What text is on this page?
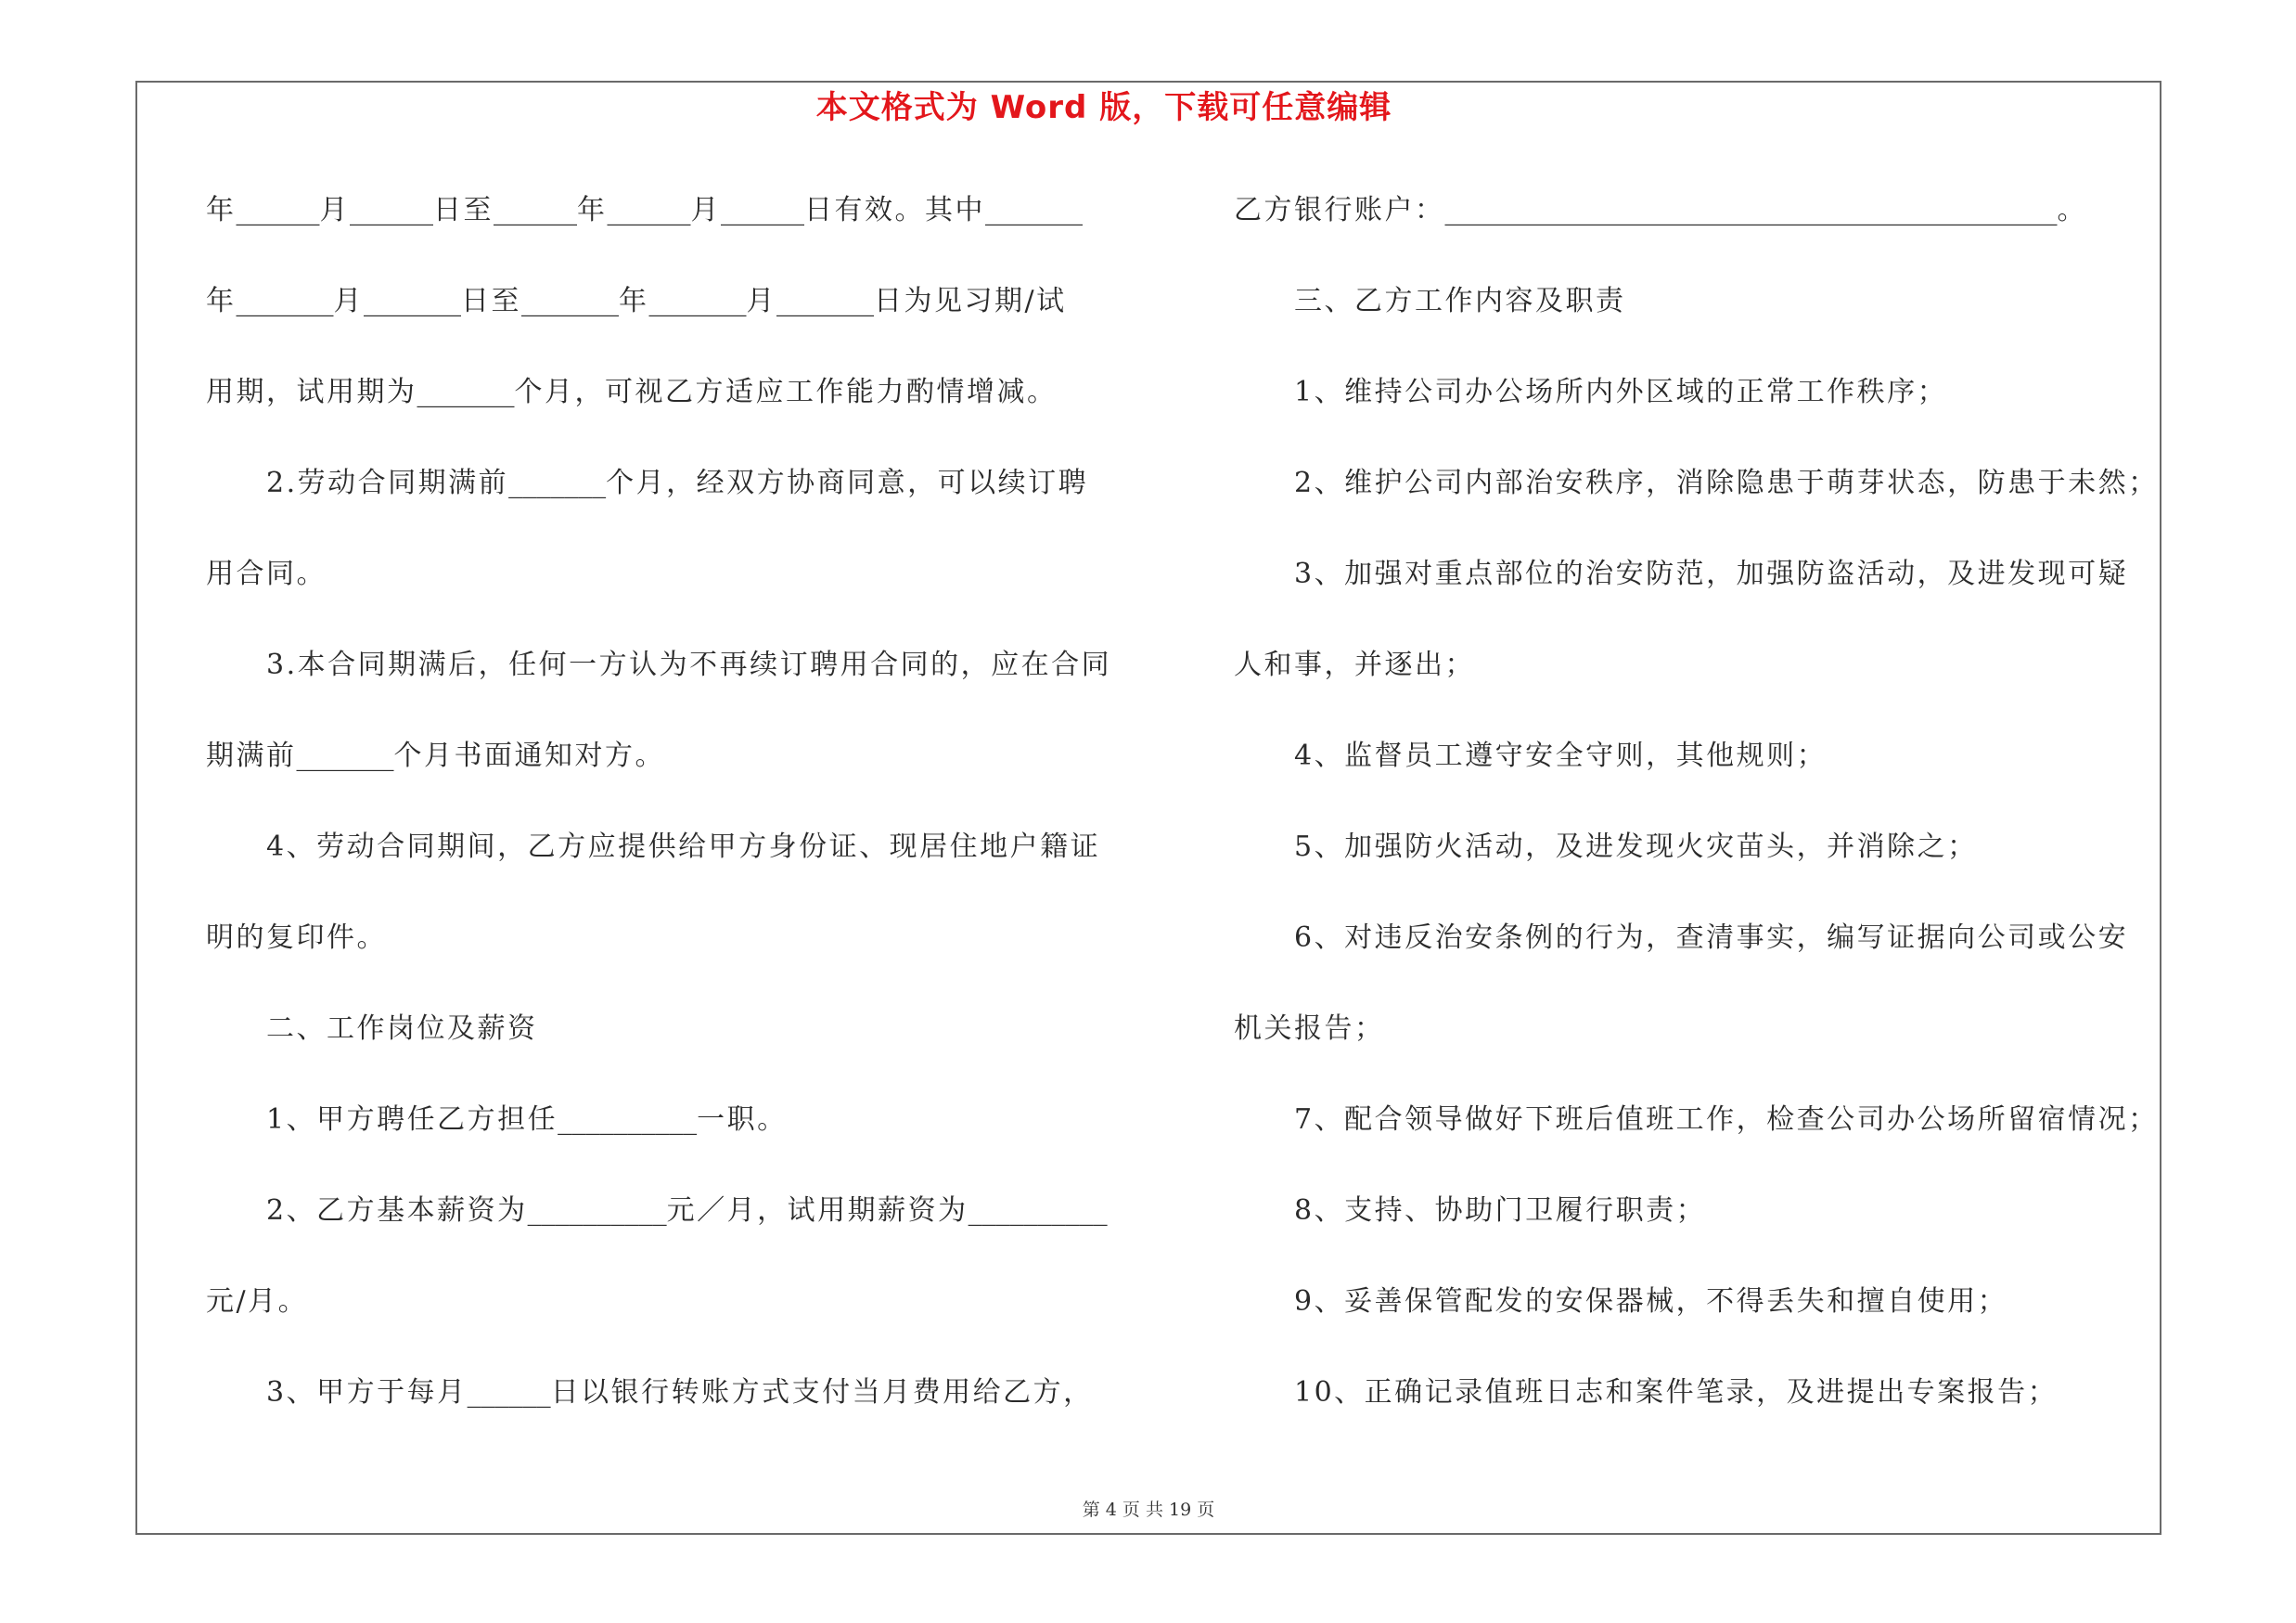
本文格式为 Word 版，下载可任意编辑
年______月______日至______年______月______日有效。其中_______
年_______月_______日至_______年_______月_______日为见习期/试
用期，试用期为_______个月，可视乙方适应工作能力酌情增减。
2.劳动合同期满前_______个月，经双方协商同意，可以续订聘
用合同。
3.本合同期满后，任何一方认为不再续订聘用合同的，应在合同
期满前_______个月书面通知对方。
4、劳动合同期间，乙方应提供给甲方身份证、现居住地户籍证
明的复印件。
二、工作岗位及薪资
1、甲方聘任乙方担任__________一职。
2、乙方基本薪资为__________元／月，试用期薪资为__________
元/月。
3、甲方于每月______日以银行转账方式支付当月费用给乙方，
乙方银行账户：____________________________________________。
三、乙方工作内容及职责
1、维持公司办公场所内外区域的正常工作秩序；
2、维护公司内部治安秩序，消除隐患于萌芽状态，防患于未然；
3、加强对重点部位的治安防范，加强防盗活动，及进发现可疑
人和事，并逐出；
4、监督员工遵守安全守则，其他规则；
5、加强防火活动，及进发现火灾苗头，并消除之；
6、对违反治安条例的行为，查清事实，编写证据向公司或公安
机关报告；
7、配合领导做好下班后值班工作，检查公司办公场所留宿情况；
8、支持、协助门卫履行职责；
9、妥善保管配发的安保器械，不得丢失和擅自使用；
10、正确记录值班日志和案件笔录，及进提出专案报告；
第 4 页 共 19 页
